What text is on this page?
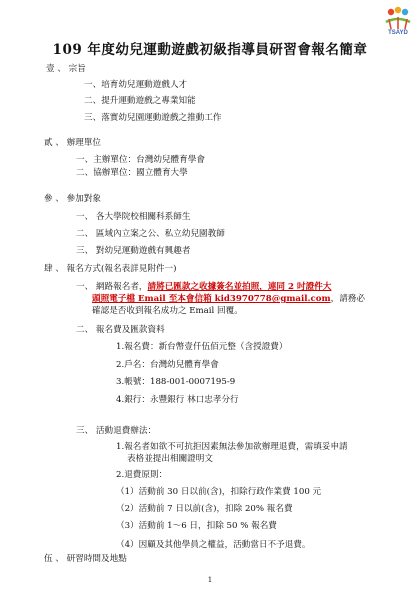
TSAYD
109 年度幼兒運動遊戲初級指導員研習會報名簡章
壹 、 宗旨
一、培育幼兒運動遊戲人才
二、提升運動遊戲之專業知能
三、落實幼兒園運動遊戲之推動工作
貳 、 辦理單位
一、主辦單位：台灣幼兒體育學會
二、協辦單位：國立體育大學
參 、 參加對象
一、 各大學院校相關科系師生
二、 區域內立案之公、私立幼兒園教師
三、 對幼兒運動遊戲有興趣者
肆 、 報名方式(報名表詳見附件一)
一、 網路報名者，請將已匯款之收據簽名並拍照，連同 2 吋證件大
頭照電子檔 Email 至本會信箱 kid3970778@gmail.com，請務必
確認是否收到報名成功之 Email 回覆。
二、 報名費及匯款資料
1.報名費：新台幣壹仟伍佰元整（含授證費）
2.戶名：台灣幼兒體育學會
3.帳號：188-001-0007195-9
4.銀行：永豐銀行 林口忠孝分行
三、 活動退費辦法：
1.報名者如欲不可抗拒因素無法參加欲辦理退費，需填妥申請
表格並提出相關證明文
2.退費原則：
（1）活動前 30 日以前(含)，扣除行政作業費 100 元
（2）活動前 7 日以前(含)，扣除 20% 報名費
（3）活動前 1～6 日，扣除 50 % 報名費
（4）因顧及其他學員之權益，活動當日不予退費。
伍 、 研習時間及地點
1
